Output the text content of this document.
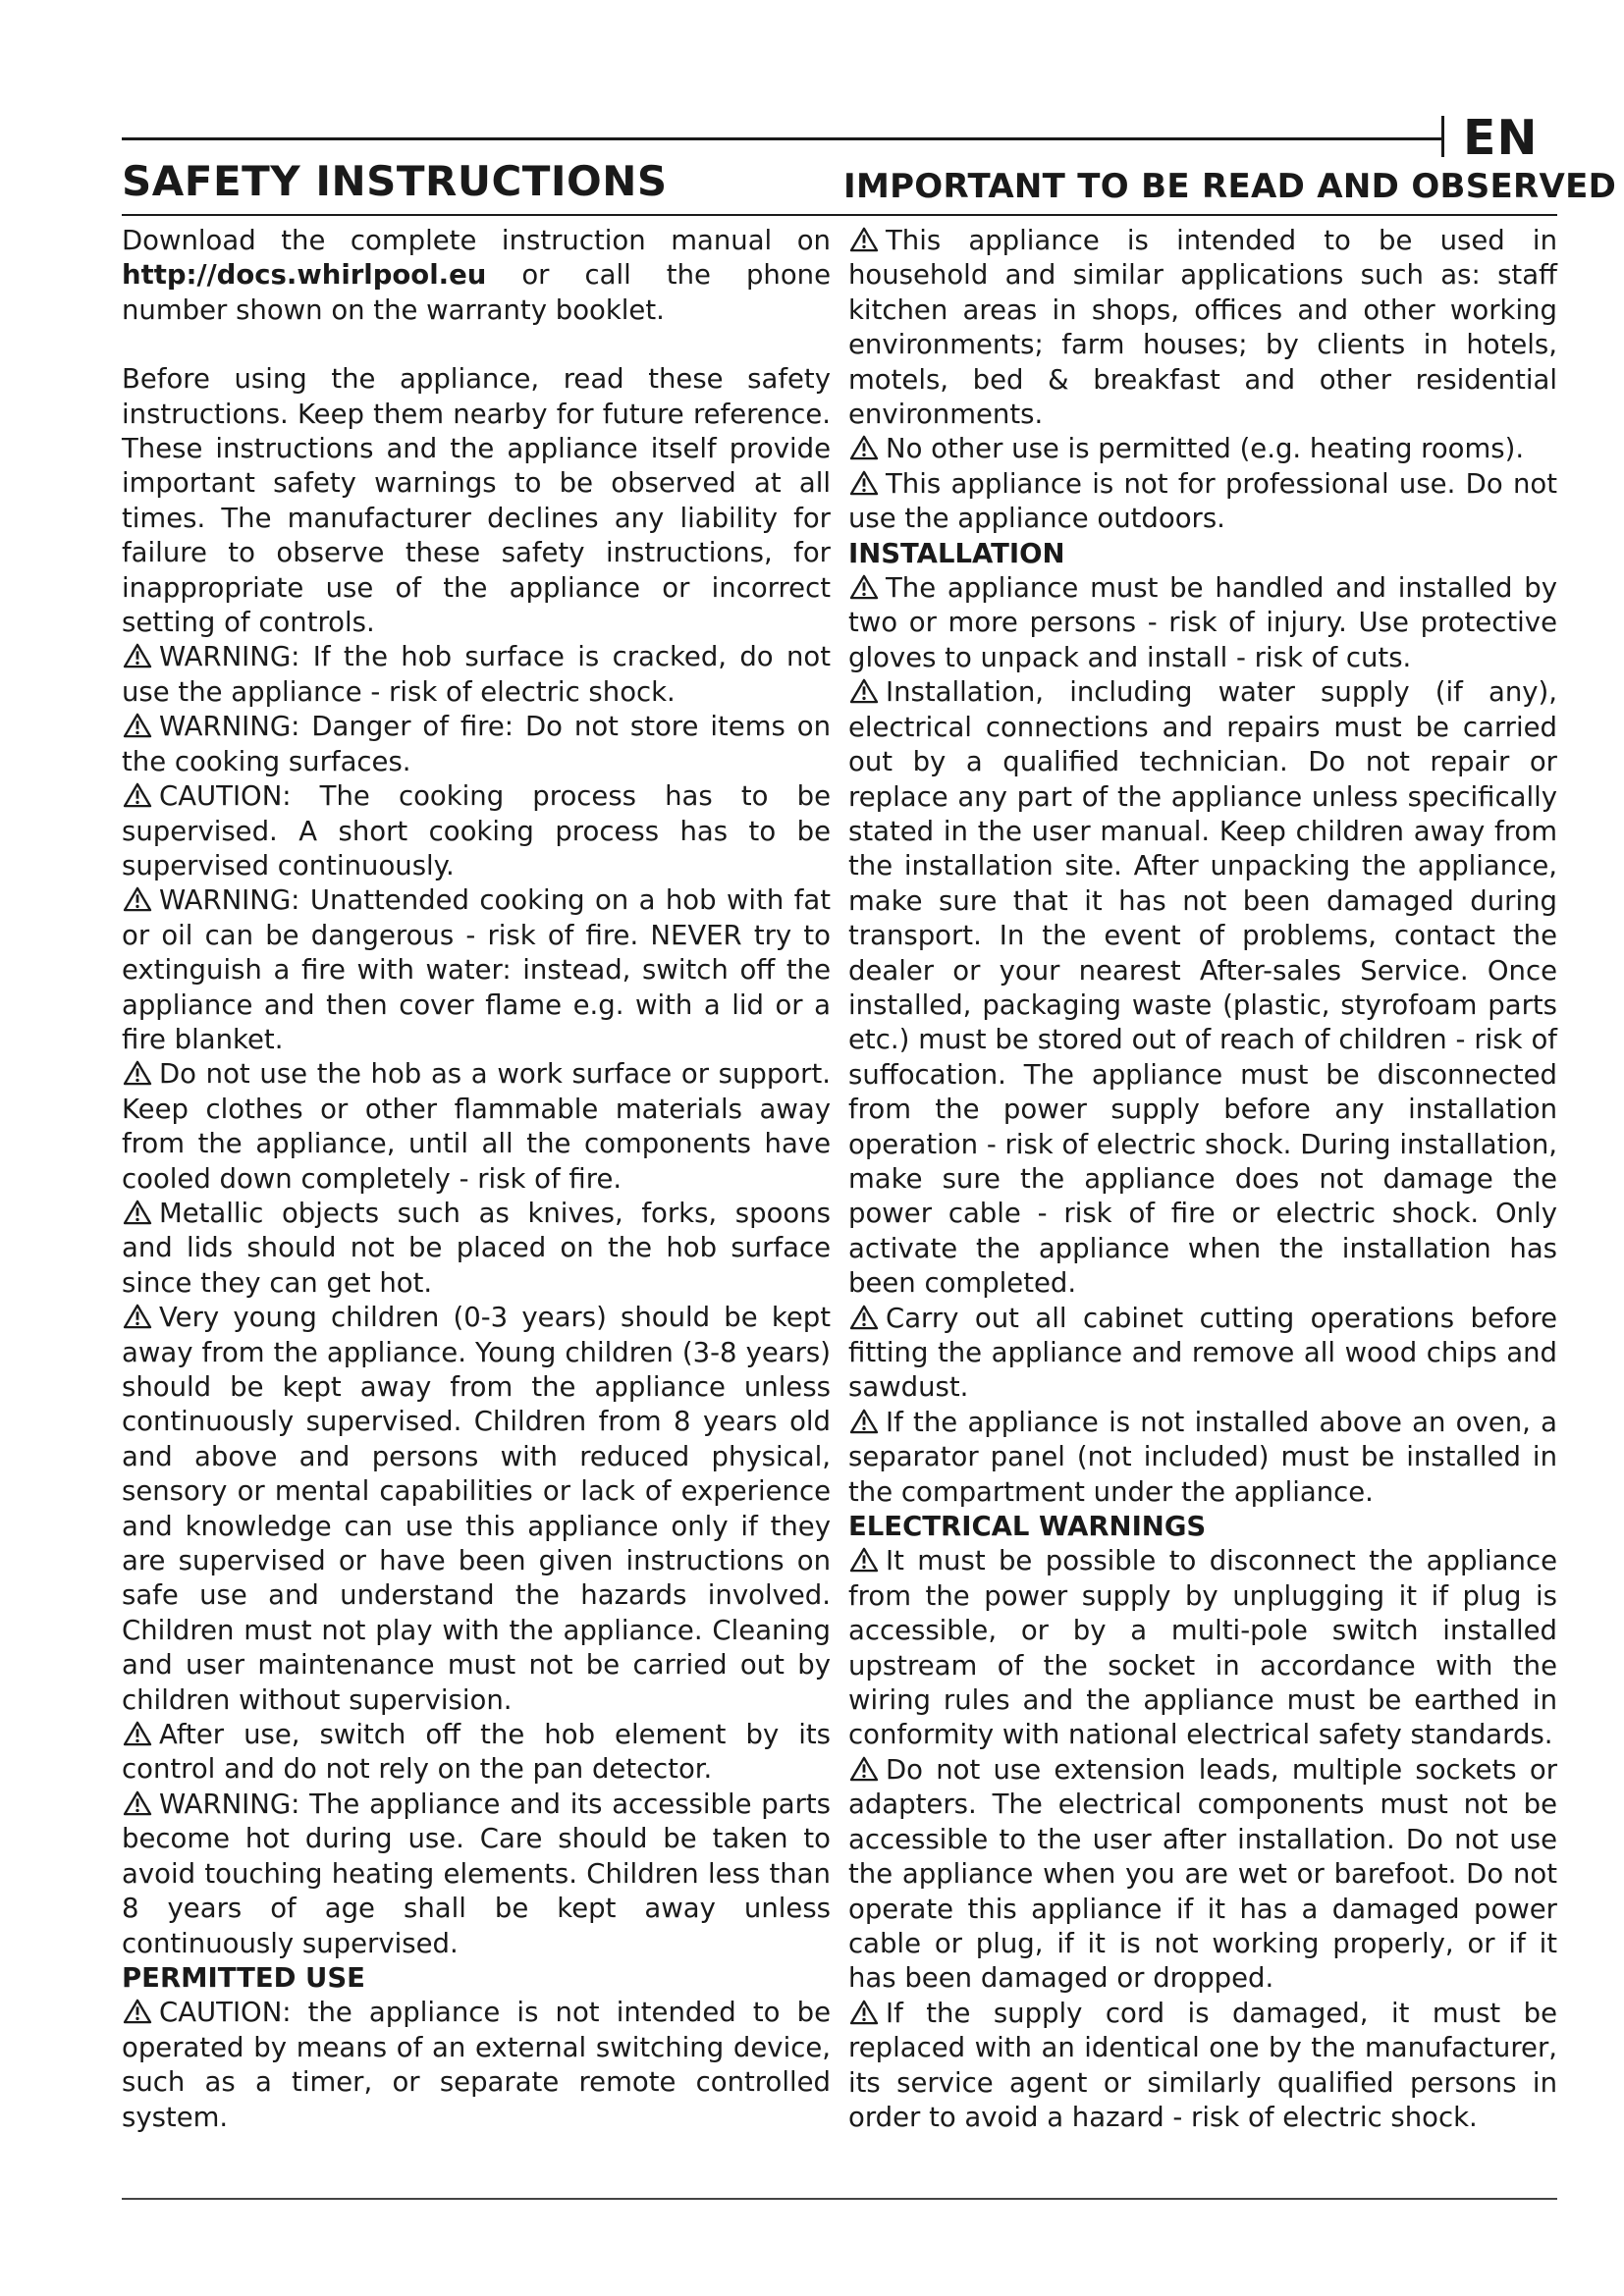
EN
SAFETY INSTRUCTIONS	IMPORTANT TO BE READ AND OBSERVED

Download the complete instruction manual on http://docs.whirlpool.eu or call the phone number shown on the warranty booklet.

Before using the appliance, read these safety instructions. Keep them nearby for future reference. These instructions and the appliance itself provide important safety warnings to be observed at all times. The manufacturer declines any liability for failure to observe these safety instructions, for inappropriate use of the appliance or incorrect setting of controls.

WARNING: If the hob surface is cracked, do not use the appliance - risk of electric shock.

WARNING: Danger of fire: Do not store items on the cooking surfaces.

CAUTION: The cooking process has to be supervised. A short cooking process has to be supervised continuously.

WARNING: Unattended cooking on a hob with fat or oil can be dangerous - risk of fire. NEVER try to extinguish a fire with water: instead, switch off the appliance and then cover flame e.g. with a lid or a fire blanket.

Do not use the hob as a work surface or support. Keep clothes or other flammable materials away from the appliance, until all the components have cooled down completely - risk of fire.

Metallic objects such as knives, forks, spoons and lids should not be placed on the hob surface since they can get hot.

Very young children (0-3 years) should be kept away from the appliance. Young children (3-8 years) should be kept away from the appliance unless continuously supervised. Children from 8 years old and above and persons with reduced physical, sensory or mental capabilities or lack of experience and knowledge can use this appliance only if they are supervised or have been given instructions on safe use and understand the hazards involved. Children must not play with the appliance. Cleaning and user maintenance must not be carried out by children without supervision.

After use, switch off the hob element by its control and do not rely on the pan detector.

WARNING: The appliance and its accessible parts become hot during use. Care should be taken to avoid touching heating elements. Children less than 8 years of age shall be kept away unless continuously supervised.

PERMITTED USE

CAUTION: the appliance is not intended to be operated by means of an external switching device, such as a timer, or separate remote controlled system.

This appliance is intended to be used in household and similar applications such as: staff kitchen areas in shops, offices and other working environments; farm houses; by clients in hotels, motels, bed & breakfast and other residential environments.

No other use is permitted (e.g. heating rooms).

This appliance is not for professional use. Do not use the appliance outdoors.

INSTALLATION

The appliance must be handled and installed by two or more persons - risk of injury. Use protective gloves to unpack and install - risk of cuts.

Installation, including water supply (if any), electrical connections and repairs must be carried out by a qualified technician. Do not repair or replace any part of the appliance unless specifically stated in the user manual. Keep children away from the installation site. After unpacking the appliance, make sure that it has not been damaged during transport. In the event of problems, contact the dealer or your nearest After-sales Service. Once installed, packaging waste (plastic, styrofoam parts etc.) must be stored out of reach of children - risk of suffocation. The appliance must be disconnected from the power supply before any installation operation - risk of electric shock. During installation, make sure the appliance does not damage the power cable - risk of fire or electric shock. Only activate the appliance when the installation has been completed.

Carry out all cabinet cutting operations before fitting the appliance and remove all wood chips and sawdust.

If the appliance is not installed above an oven, a separator panel (not included) must be installed in the compartment under the appliance.

ELECTRICAL WARNINGS

It must be possible to disconnect the appliance from the power supply by unplugging it if plug is accessible, or by a multi-pole switch installed upstream of the socket in accordance with the wiring rules and the appliance must be earthed in conformity with national electrical safety standards.

Do not use extension leads, multiple sockets or adapters. The electrical components must not be accessible to the user after installation. Do not use the appliance when you are wet or barefoot. Do not operate this appliance if it has a damaged power cable or plug, if it is not working properly, or if it has been damaged or dropped.

If the supply cord is damaged, it must be replaced with an identical one by the manufacturer, its service agent or similarly qualified persons in order to avoid a hazard - risk of electric shock.
